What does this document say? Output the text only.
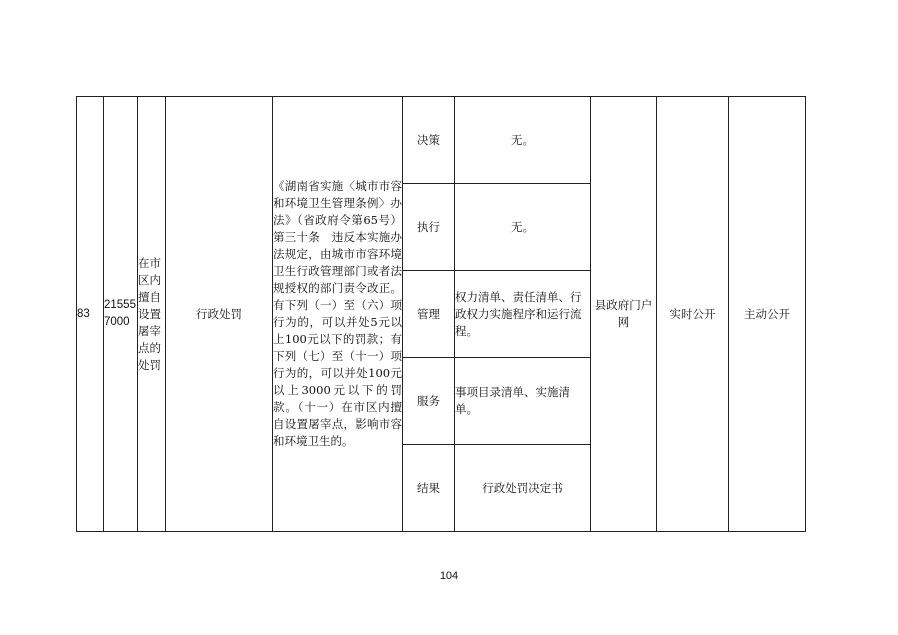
83	215557000	在市区内擅自设置屠宰点的处罚	行政处罚	《湖南省实施〈城市市容和环境卫生管理条例〉办法》（省政府令第65号）第三十条　违反本实施办法规定，由城市市容环境卫生行政管理部门或者法规授权的部门责令改正。有下列（一）至（六）项行为的，可以并处5元以上100元以下的罚款；有下列（七）至（十一）项行为的，可以并处100元以上3000元以下的罚款。（十一）在市区内擅自设置屠宰点，影响市容和环境卫生的。	决策	无。	县政府门户网	实时公开	主动公开
					执行	无。			
					管理	权力清单、责任清单、行政权力实施程序和运行流程。			
					服务	事项目录清单、实施清单。			
					结果	行政处罚决定书			
104
